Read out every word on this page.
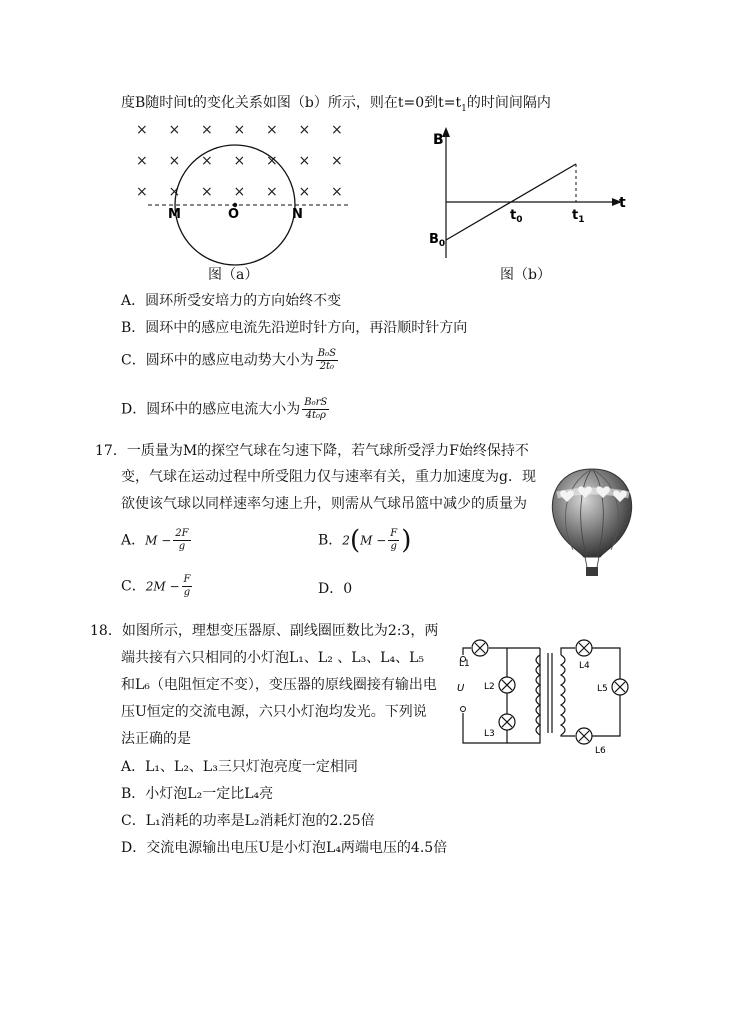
度B随时间t的变化关系如图（b）所示，则在t=0到$t=t_1$的时间间隔内
× × × × × × ×
× × × × × × ×
× × × × × × ×
M	O	N
图（a）
B
t
$B_0$
$t_0$	$t_1$
图（b）
A．圆环所受安培力的方向始终不变
B．圆环中的感应电流先沿逆时针方向，再沿顺时针方向
C．圆环中的感应电动势大小为 $\frac{\text{B₀S}}{\text{2t₀}}$
D．圆环中的感应电流大小为 $\frac{\text{B₀rS}}{\text{4t₀ρ}}$
17．一质量为M的探空气球在匀速下降，若气球所受浮力F始终保持不
变，气球在运动过程中所受阻力仅与速率有关，重力加速度为g．现
欲使该气球以同样速率匀速上升，则需从气球吊篮中减少的质量为
A．$M - \frac{2F}{g}$	B．$2(M - \frac{F}{g}$ )
C．$2M - \frac{F}{g}$	D．0
18．如图所示，理想变压器原、副线圈匝数比为2:3，两
端共接有六只相同的小灯泡L₁、L₂ 、L₃、L₄、L₅
和L₆（电阻恒定不变），变压器的原线圈接有输出电
压U恒定的交流电源，六只小灯泡均发光。下列说
法正确的是
A．L₁、L₂、L₃三只灯泡亮度一定相同
B．小灯泡L₂一定比L₄亮
C．L₁消耗的功率是L₂消耗灯泡的2.25倍
D．交流电源输出电压U是小灯泡L₄两端电压的4.5倍
L1
L2
L3
U
L4
L5
L6
